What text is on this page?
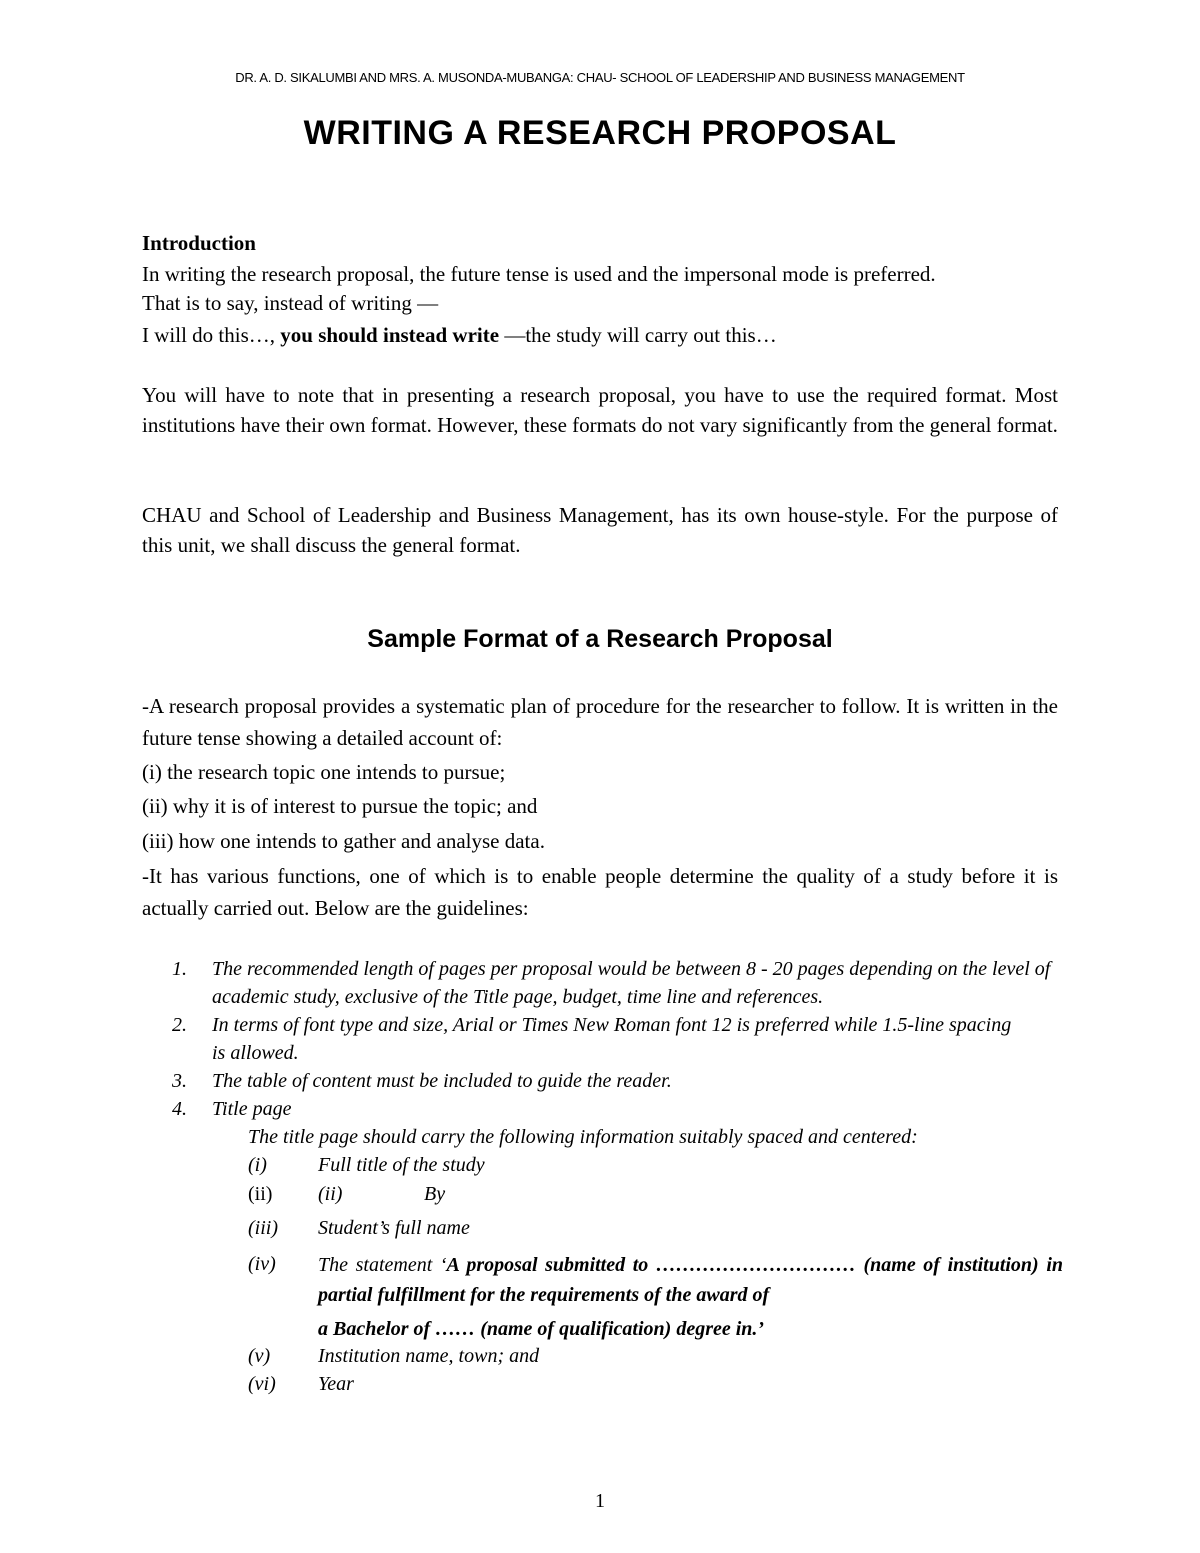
DR. A. D. SIKALUMBI AND MRS. A. MUSONDA-MUBANGA: CHAU- SCHOOL OF LEADERSHIP AND BUSINESS MANAGEMENT
WRITING A RESEARCH PROPOSAL
Introduction
In writing the research proposal, the future tense is used and the impersonal mode is preferred.
That is to say, instead of writing —
I will do this…, you should instead write —the study will carry out this…
You will have to note that in presenting a research proposal, you have to use the required format. Most institutions have their own format. However, these formats do not vary significantly from the general format.
CHAU and School of Leadership and Business Management, has its own house-style. For the purpose of this unit, we shall discuss the general format.
Sample Format of a Research Proposal
-A research proposal provides a systematic plan of procedure for the researcher to follow. It is written in the future tense showing a detailed account of:
(i) the research topic one intends to pursue;
(ii) why it is of interest to pursue the topic; and
(iii) how one intends to gather and analyse data.
-It has various functions, one of which is to enable people determine the quality of a study before it is actually carried out. Below are the guidelines:
1. The recommended length of pages per proposal would be between 8 - 20 pages depending on the level of academic study, exclusive of the Title page, budget, time line and references.
2. In terms of font type and size, Arial or Times New Roman font 12 is preferred while 1.5-line spacing is allowed.
3. The table of content must be included to guide the reader.
4. Title page
The title page should carry the following information suitably spaced and centered:
(i)	Full title of the study
(ii) (ii)	By
(iii) Student’s full name
(iv) The statement ‘A proposal submitted to ………………………… (name of institution) in partial fulfillment for the requirements of the award of
a Bachelor of …… (name of qualification) degree in.’
(v) Institution name, town; and
(vi) Year
1
